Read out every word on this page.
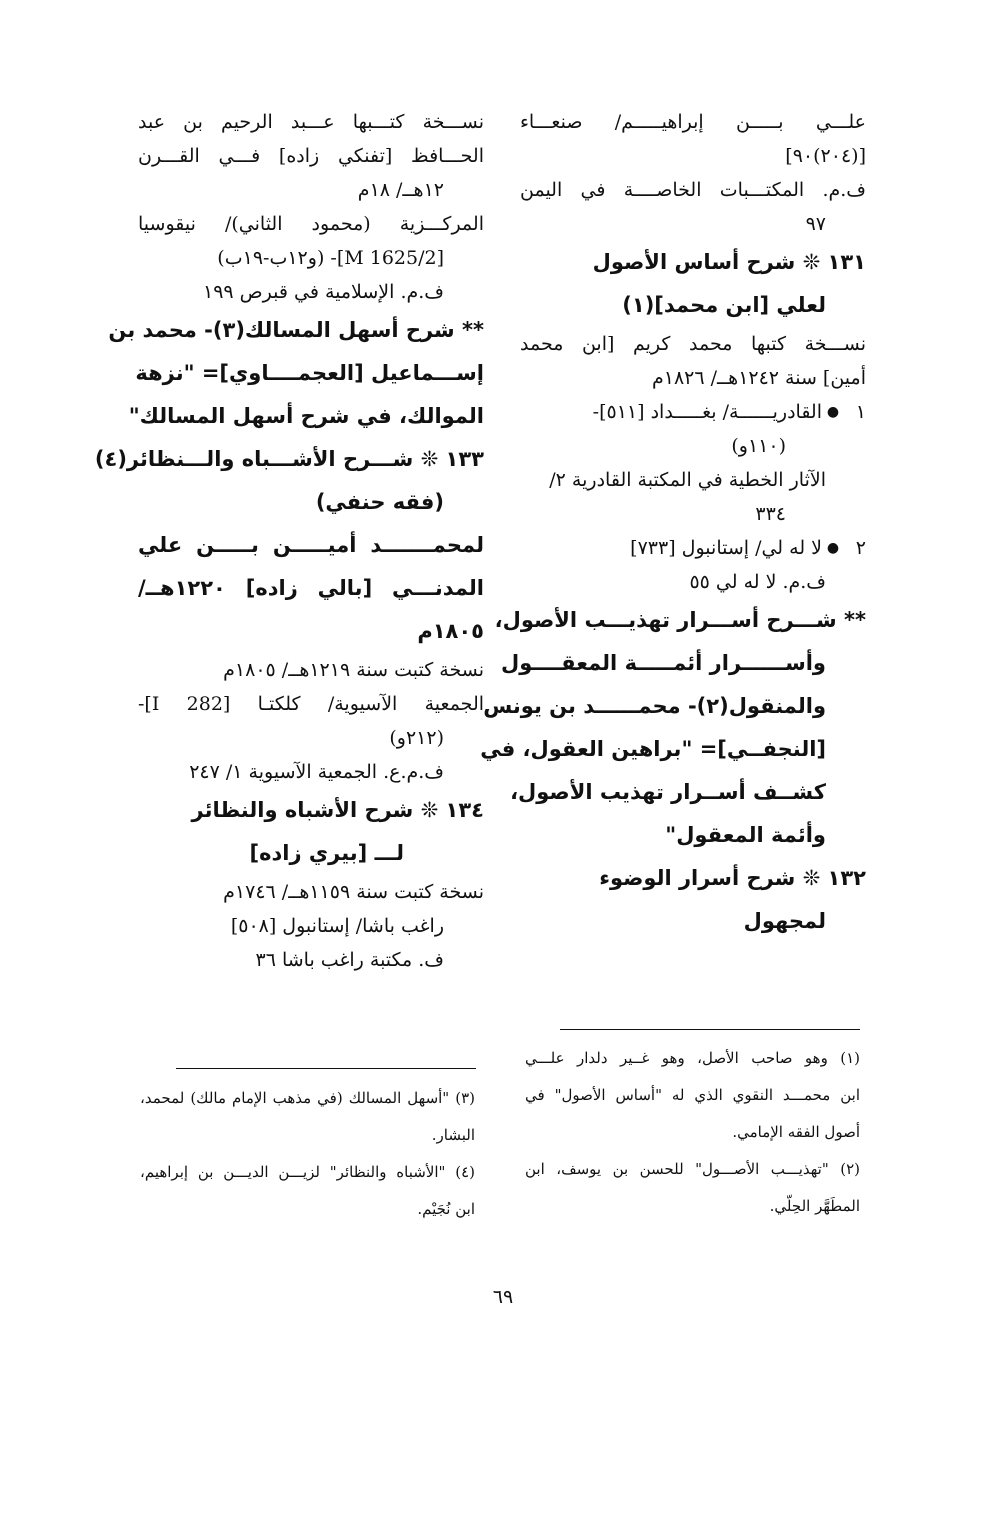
علـــي بـــــن إبراهيـــــم/ صنعـــاء
[(٢٠٤)٩٠]
ف.م. المكتـــبات الخاصــــة في اليمن
٩٧
١٣١ ❊ شرح أساس الأصول
لعلي [ابن محمد](١)
نســـخة كتبها محمد كريم [ابن محمد
أمين] سنة ١٢٤٢هــ/ ١٨٢٦م
١
●
القادريــــــة/ بغـــــداد [٥١١]-
(١١٠و)
الآثار الخطية في المكتبة القادرية ٢/
٣٣٤
٢
●
لا له لي/ إستانبول [٧٣٣]
ف.م. لا له لي ٥٥
** شـــرح أســـرار تهذيـــب الأصول،
وأســــــرار أئمـــــة المعقــــول
والمنقول(٢)- محمــــــد بن يونس
[النجفــي]= "براهين العقول، في
كشــف أســرار تهذيب الأصول،
وأئمة المعقول"
١٣٢ ❊ شرح أسرار الوضوء
لمجهول
نســـخة كتـــبها عـــبد الرحيم بن عبد
الحـــافظ [تفنكي زاده] فـــي القـــرن
١٢هــ/ ١٨م
المركـــزية (محمود الثاني)/ نيقوسيا
[M 1625/2]- (و١٢ب-١٩ب)
ف.م. الإسلامية في قبرص ١٩٩
** شرح أسهل المسالك(٣)- محمد بن
إســـماعيل [العجمــــاوي]= "نزهة
الموالك، في شرح أسهل المسالك"
١٣٣ ❊ شـــرح الأشـــباه والـــنظائر(٤)
(فقه حنفي)
لمحمـــــــد أميـــــن بـــــن علي
المدنـــي [بالي زاده] ١٢٢٠هــ/
١٨٠٥م
نسخة كتبت سنة ١٢١٩هــ/ ١٨٠٥م
الجمعية الآسيوية/ كلكتـا [I 282]-
(٢١٢و)
ف.م.ع. الجمعية الآسيوية ١/ ٢٤٧
١٣٤ ❊ شرح الأشباه والنظائر
لـــ [بيري زاده]
نسخة كتبت سنة ١١٥٩هــ/ ١٧٤٦م
راغب باشا/ إستانبول [٥٠٨]
ف. مكتبة راغب باشا ٣٦
(١) وهو صاحب الأصل، وهو غــير دلدار علـــي
ابن محمـــد النقوي الذي له "أساس الأصول" في
أصول الفقه الإمامي.
(٢) "تهذيـــب الأصـــول" للحسن بن يوسف، ابن
المطَهَّر الحِلّي.
(٣) "أسهل المسالك (في مذهب الإمام مالك) لمحمد،
البشار.
(٤) "الأشباه والنظائر" لزيـــن الديـــن بن إبراهيم،
ابن نُجَيْم.
٦٩
